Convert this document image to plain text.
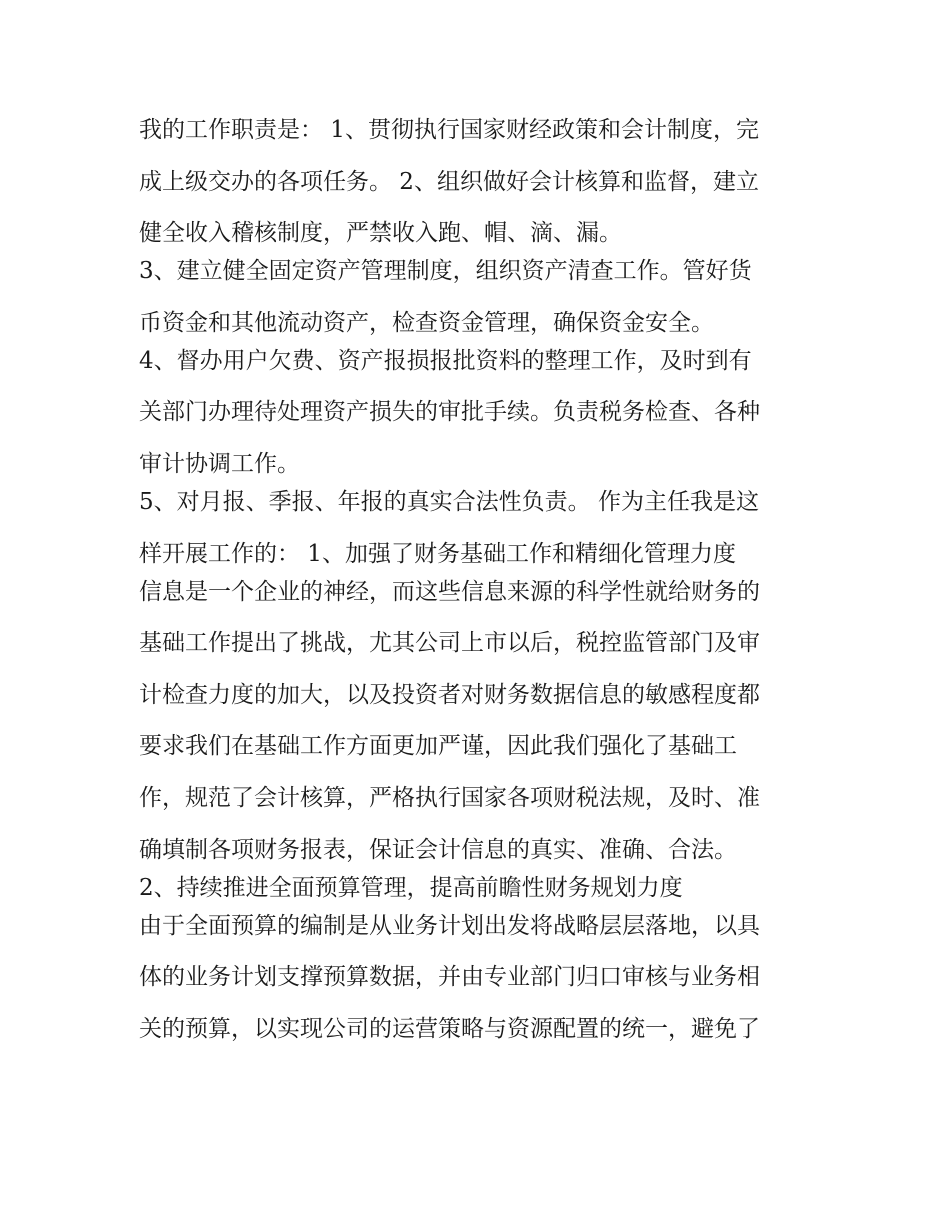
我的工作职责是： 1、贯彻执行国家财经政策和会计制度，完
成上级交办的各项任务。 2、组织做好会计核算和监督，建立
健全收入稽核制度，严禁收入跑、帽、滴、漏。
3、建立健全固定资产管理制度，组织资产清查工作。管好货
币资金和其他流动资产，检查资金管理，确保资金安全。
4、督办用户欠费、资产报损报批资料的整理工作，及时到有
关部门办理待处理资产损失的审批手续。负责税务检查、各种
审计协调工作。
5、对月报、季报、年报的真实合法性负责。 作为主任我是这
样开展工作的： 1、加强了财务基础工作和精细化管理力度
信息是一个企业的神经，而这些信息来源的科学性就给财务的
基础工作提出了挑战，尤其公司上市以后，税控监管部门及审
计检查力度的加大，以及投资者对财务数据信息的敏感程度都
要求我们在基础工作方面更加严谨，因此我们强化了基础工
作，规范了会计核算，严格执行国家各项财税法规，及时、准
确填制各项财务报表，保证会计信息的真实、准确、合法。
2、持续推进全面预算管理，提高前瞻性财务规划力度
由于全面预算的编制是从业务计划出发将战略层层落地，以具
体的业务计划支撑预算数据，并由专业部门归口审核与业务相
关的预算，以实现公司的运营策略与资源配置的统一，避免了
